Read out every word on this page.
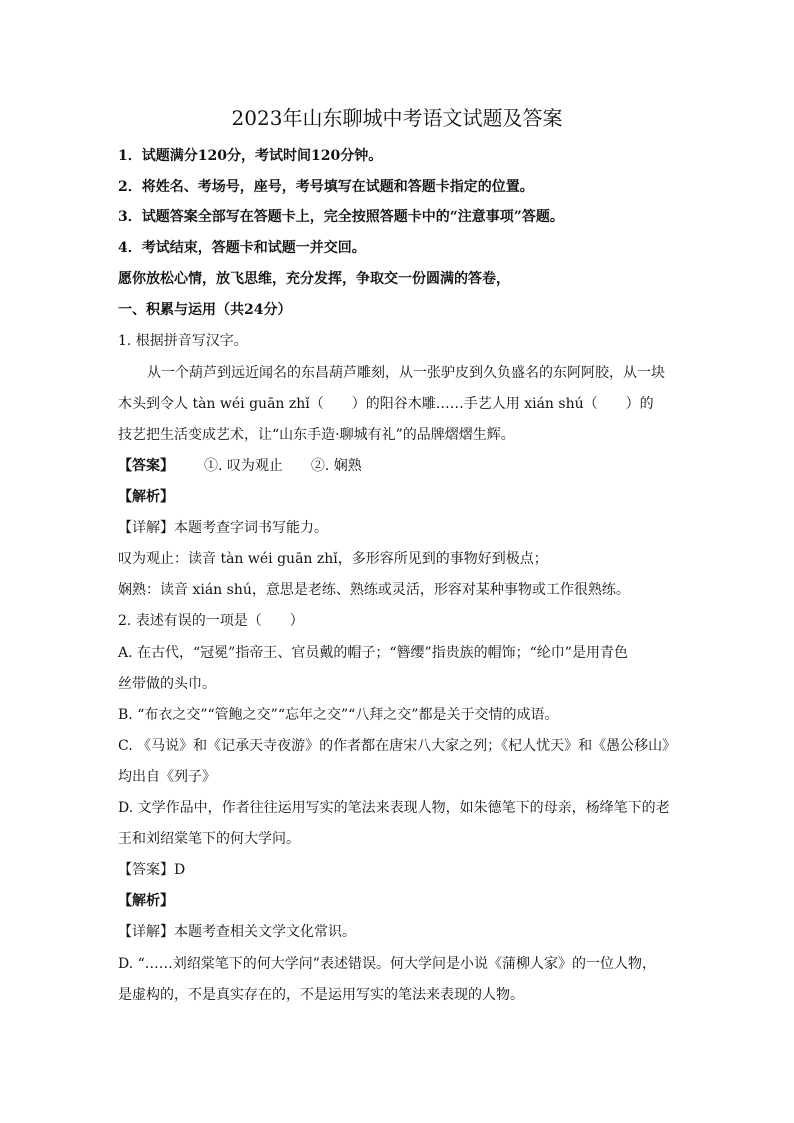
2023年山东聊城中考语文试题及答案

1．试题满分120分，考试时间120分钟。

2．将姓名、考场号，座号，考号填写在试题和答题卡指定的位置。

3．试题答案全部写在答题卡上，完全按照答题卡中的“注意事项”答题。

4．考试结束，答题卡和试题一并交回。

愿你放松心情，放飞思维，充分发挥，争取交一份圆满的答卷，

一、积累与运用（共24分）

1. 根据拼音写汉字。

从一个葫芦到远近闻名的东昌葫芦雕刻，从一张驴皮到久负盛名的东阿阿胶，从一块

木头到令人 tàn wéi guān zhǐ（　　）的阳谷木雕……手艺人用 xián shú（　　）的

技艺把生活变成艺术，让“山东手造·聊城有礼”的品牌熠熠生辉。

【答案】 ①. 叹为观止 ②. 娴熟

【解析】

【详解】本题考查字词书写能力。

叹为观止：读音 tàn wéi guān zhǐ，多形容所见到的事物好到极点；

娴熟：读音 xián shú，意思是老练、熟练或灵活，形容对某种事物或工作很熟练。

2. 表述有误的一项是（　　）

A. 在古代，“冠冕”指帝王、官员戴的帽子；“簪缨”指贵族的帽饰；“纶巾”是用青色

丝带做的头巾。

B. “布衣之交”“管鲍之交”“忘年之交”“八拜之交”都是关于交情的成语。

C. 《马说》和《记承天寺夜游》的作者都在唐宋八大家之列；《杞人忧天》和《愚公移山》

均出自《列子》

D. 文学作品中，作者往往运用写实的笔法来表现人物，如朱德笔下的母亲，杨绛笔下的老

王和刘绍棠笔下的何大学问。

【答案】D

【解析】

【详解】本题考查相关文学文化常识。

D. “……刘绍棠笔下的何大学问”表述错误。何大学问是小说《蒲柳人家》的一位人物，

是虚构的，不是真实存在的，不是运用写实的笔法来表现的人物。
